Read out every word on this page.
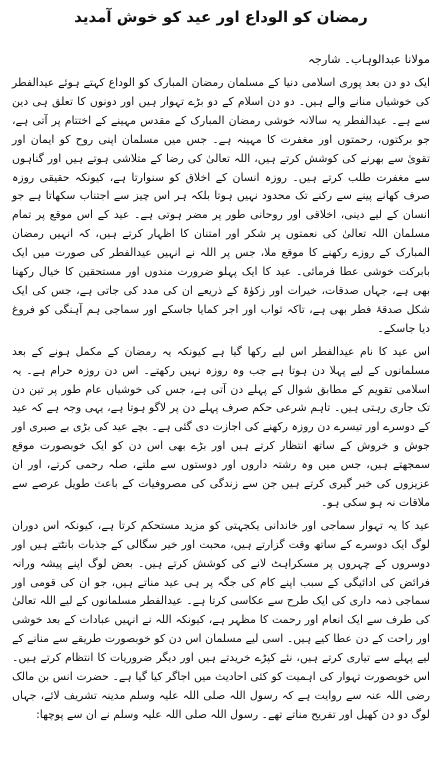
رمضان کو الوداع اور عید کو خوش آمدید
مولانا عبدالوہاب۔ شارجہ

ایک دو دن بعد پوری اسلامی دنیا کے مسلمان رمضان المبارک کو الوداع کہتے ہوئے عیدالفطر کی خوشیاں منانے والے ہیں۔ دو دن اسلام کے دو بڑے تہوار ہیں اور دونوں کا تعلق ہی دین سے ہے۔ عیدالفطر یہ سالانہ خوشی رمضان المبارک کے مقدس مہینے کے اختتام پر آتی ہے، جو برکتوں، رحمتوں اور مغفرت کا مہینہ ہے۔ جس میں مسلمان اپنی روح کو ایمان اور تقویٰ سے بھرنے کی کوشش کرتے ہیں، اللہ تعالیٰ کی رضا کے متلاشی ہوتے ہیں اور گناہوں سے مغفرت طلب کرتے ہیں۔ روزہ انسان کے اخلاق کو سنوارتا ہے، کیونکہ حقیقی روزہ صرف کھانے پینے سے رکنے تک محدود نہیں ہوتا بلکہ ہر اس چیز سے اجتناب سکھاتا ہے جو انسان کے لیے دینی، اخلاقی اور روحانی طور پر مضر ہوتی ہے۔ عید کے اس موقع پر تمام مسلمان اللہ تعالیٰ کی نعمتوں پر شکر اور امتنان کا اظہار کرتے ہیں، کہ انہیں رمضان المبارک کے روزے رکھنے کا موقع ملا، جس پر اللہ نے انہیں عیدالفطر کی صورت میں ایک بابرکت خوشی عطا فرمائی۔ عید کا ایک پہلو ضرورت مندوں اور مستحقین کا خیال رکھنا بھی ہے، جہاں صدقات، خیرات اور زکوٰۃ کے ذریعے ان کی مدد کی جاتی ہے، جس کی ایک شکل صدقۂ فطر بھی ہے، تاکہ ثواب اور اجر کمایا جاسکے اور سماجی ہم آہنگی کو فروغ دیا جاسکے۔

اس عید کا نام عیدالفطر اس لیے رکھا گیا ہے کیونکہ یہ رمضان کے مکمل ہونے کے بعد مسلمانوں کے لیے پہلا دن ہوتا ہے جب وہ روزہ نہیں رکھتے۔ اس دن روزہ حرام ہے۔ یہ اسلامی تقویم کے مطابق شوال کے پہلے دن آتی ہے، جس کی خوشیاں عام طور پر تین دن تک جاری رہتی ہیں۔ تاہم شرعی حکم صرف پہلے دن پر لاگو ہوتا ہے، یہی وجہ ہے کہ عید کے دوسرے اور تیسرے دن روزہ رکھنے کی اجازت دی گئی ہے۔ بچے عید کی بڑی بے صبری اور جوش و خروش کے ساتھ انتظار کرتے ہیں اور بڑے بھی اس دن کو ایک خوبصورت موقع سمجھتے ہیں، جس میں وہ رشتہ داروں اور دوستوں سے ملتے، صلہ رحمی کرتے، اور ان عزیزوں کی خبر گیری کرتے ہیں جن سے زندگی کی مصروفیات کے باعث طویل عرصے سے ملاقات نہ ہو سکی ہو۔

عید کا یہ تہوار سماجی اور خاندانی یکجہتی کو مزید مستحکم کرتا ہے، کیونکہ اس دوران لوگ ایک دوسرے کے ساتھ وقت گزارتے ہیں، محبت اور خیر سگالی کے جذبات بانٹتے ہیں اور دوسروں کے چہروں پر مسکراہٹ لانے کی کوشش کرتے ہیں۔ بعض لوگ اپنے پیشہ ورانہ فرائض کی ادائیگی کے سبب اپنے کام کی جگہ پر ہی عید مناتے ہیں، جو ان کی قومی اور سماجی ذمہ داری کی ایک طرح سے عکاسی کرتا ہے۔ عیدالفطر مسلمانوں کے لیے اللہ تعالیٰ کی طرف سے ایک انعام اور رحمت کا مظہر ہے، کیونکہ اللہ نے انہیں عبادات کے بعد خوشی اور راحت کے دن عطا کیے ہیں۔ اسی لیے مسلمان اس دن کو خوبصورت طریقے سے منانے کے لیے پہلے سے تیاری کرتے ہیں، نئے کپڑے خریدتے ہیں اور دیگر ضروریات کا انتظام کرتے ہیں۔ اس خوبصورت تہوار کی اہمیت کو کئی احادیث میں اجاگر کیا گیا ہے۔ حضرت انس بن مالک رضی اللہ عنہ سے روایت ہے کہ رسول اللہ صلی اللہ علیہ وسلم مدینہ تشریف لائے، جہاں لوگ دو دن کھیل اور تفریح مناتے تھے۔ رسول اللہ صلی اللہ علیہ وسلم نے ان سے پوچھا:
